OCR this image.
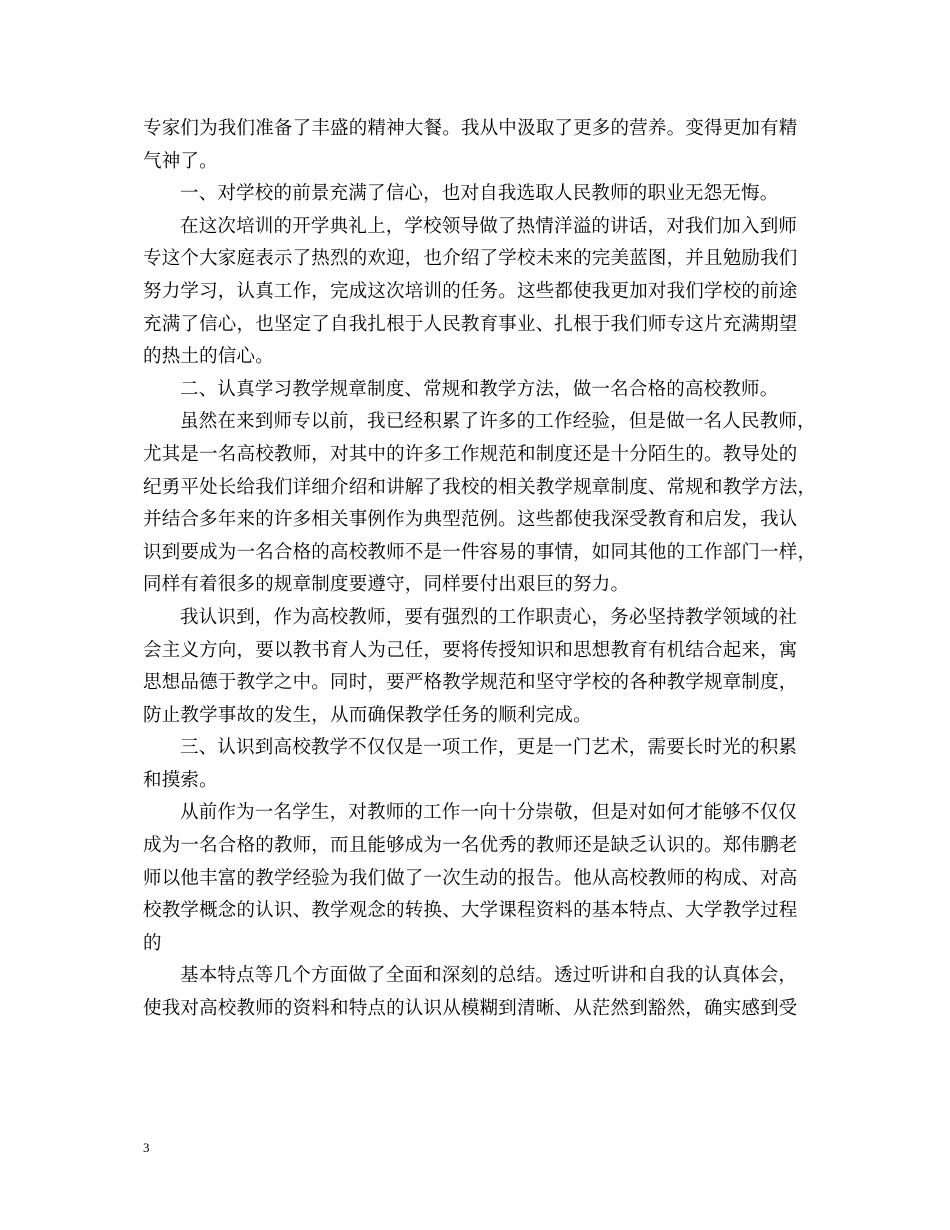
专家们为我们准备了丰盛的精神大餐。我从中汲取了更多的营养。变得更加有精
气神了。
一、对学校的前景充满了信心，也对自我选取人民教师的职业无怨无悔。
在这次培训的开学典礼上，学校领导做了热情洋溢的讲话，对我们加入到师
专这个大家庭表示了热烈的欢迎，也介绍了学校未来的完美蓝图，并且勉励我们
努力学习，认真工作，完成这次培训的任务。这些都使我更加对我们学校的前途
充满了信心，也坚定了自我扎根于人民教育事业、扎根于我们师专这片充满期望
的热土的信心。
二、认真学习教学规章制度、常规和教学方法，做一名合格的高校教师。
虽然在来到师专以前，我已经积累了许多的工作经验，但是做一名人民教师，
尤其是一名高校教师，对其中的许多工作规范和制度还是十分陌生的。教导处的
纪勇平处长给我们详细介绍和讲解了我校的相关教学规章制度、常规和教学方法，
并结合多年来的许多相关事例作为典型范例。这些都使我深受教育和启发，我认
识到要成为一名合格的高校教师不是一件容易的事情，如同其他的工作部门一样，
同样有着很多的规章制度要遵守，同样要付出艰巨的努力。
我认识到，作为高校教师，要有强烈的工作职责心，务必坚持教学领域的社
会主义方向，要以教书育人为己任，要将传授知识和思想教育有机结合起来，寓
思想品德于教学之中。同时，要严格教学规范和坚守学校的各种教学规章制度，
防止教学事故的发生，从而确保教学任务的顺利完成。
三、认识到高校教学不仅仅是一项工作，更是一门艺术，需要长时光的积累
和摸索。
从前作为一名学生，对教师的工作一向十分崇敬，但是对如何才能够不仅仅
成为一名合格的教师，而且能够成为一名优秀的教师还是缺乏认识的。郑伟鹏老
师以他丰富的教学经验为我们做了一次生动的报告。他从高校教师的构成、对高
校教学概念的认识、教学观念的转换、大学课程资料的基本特点、大学教学过程
的
基本特点等几个方面做了全面和深刻的总结。透过听讲和自我的认真体会，
使我对高校教师的资料和特点的认识从模糊到清晰、从茫然到豁然，确实感到受
3
